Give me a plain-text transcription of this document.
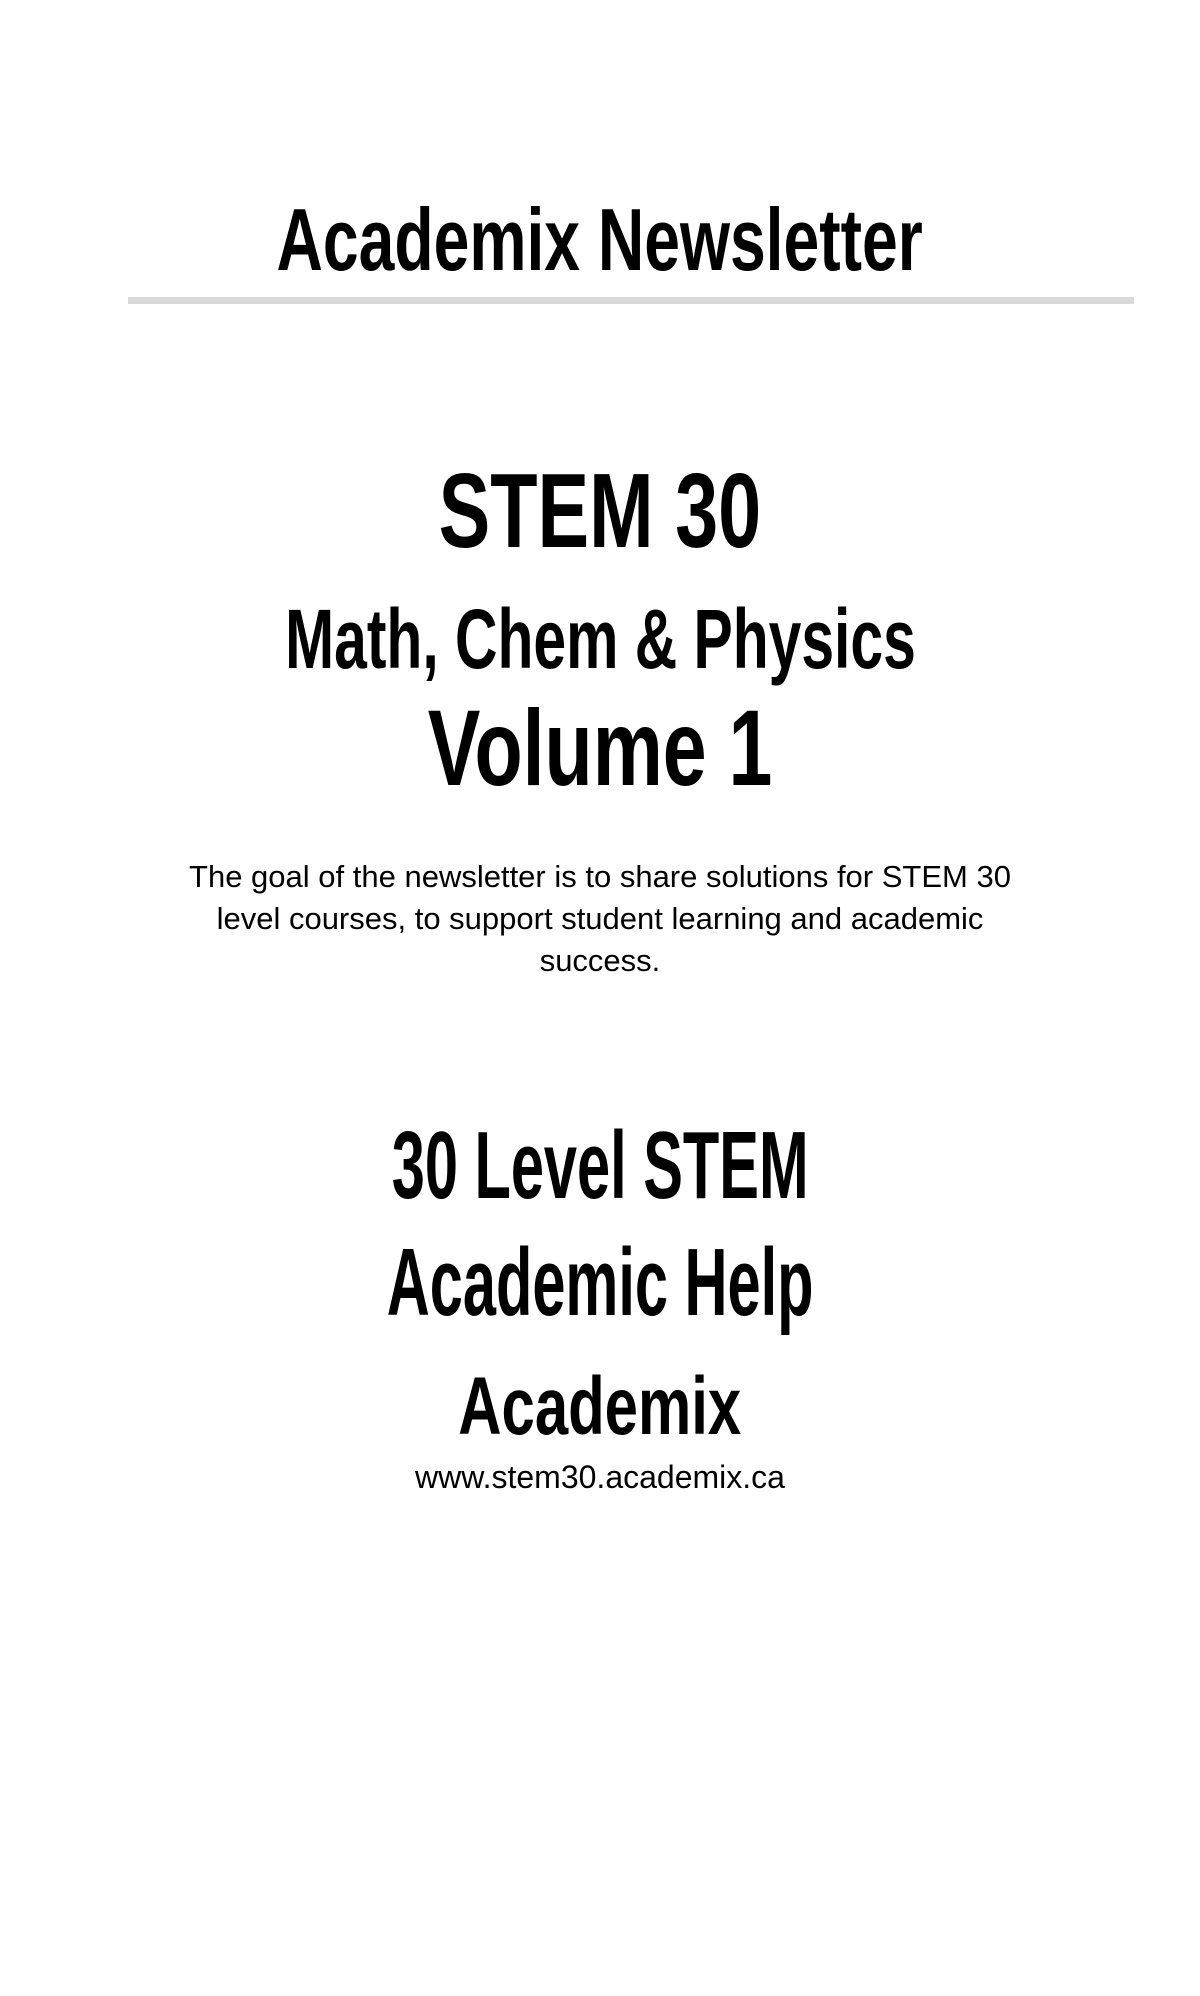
Academix Newsletter
STEM 30
Math, Chem & Physics
Volume 1
The goal of the newsletter is to share solutions for STEM 30
level courses, to support student learning and academic
success.
30 Level STEM
Academic Help
Academix
www.stem30.academix.ca
